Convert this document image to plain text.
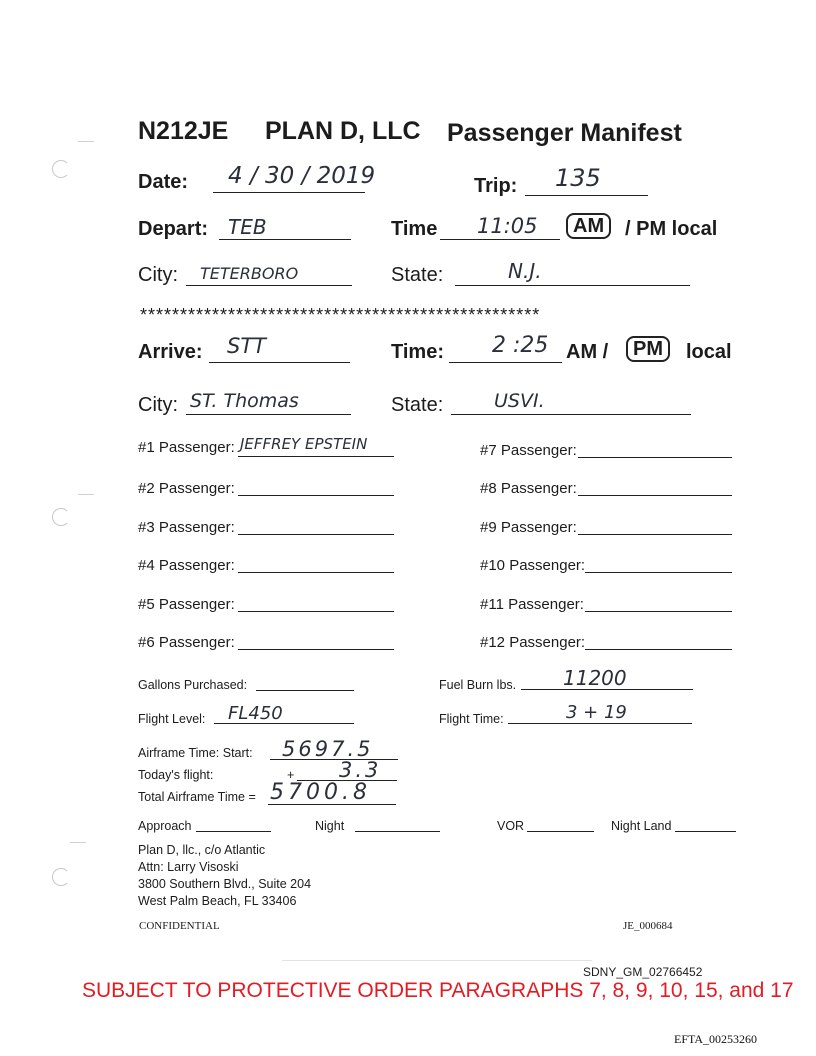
N212JE PLAN D, LLC Passenger Manifest
Date: 4 / 30 / 2019	Trip: 135
Depart: TEB	Time 11:05	AM	/ PM local
City: TETERBORO	State:	N.J.
**************************************************
Arrive: STT	Time: 2 :25 AM /	PM	local
City: ST. Thomas	State:	USVI.
#1 Passenger: JEFFREY EPSTEIN
#2 Passenger:
#3 Passenger:
#4 Passenger:
#5 Passenger:
#6 Passenger:
#7 Passenger:
#8 Passenger:
#9 Passenger:
#10 Passenger:
#11 Passenger:
#12 Passenger:
Gallons Purchased:	Fuel Burn lbs. 11200
Flight Level: FL450	Flight Time:	3 + 19
Airframe Time: Start: 5697.5
Today's flight:	+ 3.3
Total Airframe Time = 5700.8
Approach	Night	VOR	Night Land
Plan D, llc., c/o Atlantic
Attn: Larry Visoski
3800 Southern Blvd., Suite 204
West Palm Beach, FL 33406
CONFIDENTIAL	JE_000684
SDNY_GM_02766452
SUBJECT TO PROTECTIVE ORDER PARAGRAPHS 7, 8, 9, 10, 15, and 17
EFTA_00253260
